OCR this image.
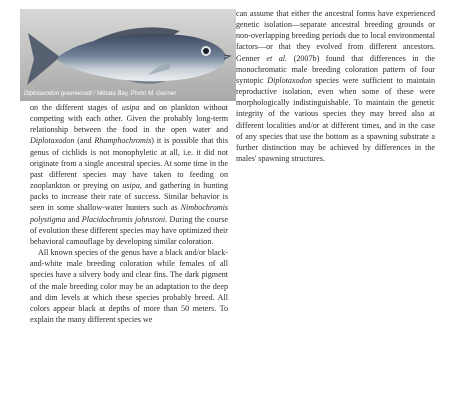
Diplotaxodon greenwoodi / Nkhata Bay, Photo M. Genner

on the different stages of usipa and on plankton without competing with each other. Given the probably long-term relationship between the food in the open water and Diplotaxodon (and Rhamphochromis) it is possible that this genus of cichlids is not monophyletic at all, i.e. it did not originate from a single ancestral species. At some time in the past different species may have taken to feeding on zooplankton or preying on usipa, and gathering in hunting packs to increase their rate of success. Similar behavior is seen in some shallow-water hunters such as Nimbochromis polystigma and Placidochromis johnstoni. During the course of evolution these different species may have optimized their behavioral camouflage by developing similar coloration.

All known species of the genus have a black and/or black-and-white male breeding coloration while females of all species have a silvery body and clear fins. The dark pigment of the male breeding color may be an adaptation to the deep and dim levels at which these species probably breed. All colors appear black at depths of more than 50 meters. To explain the many different species we

can assume that either the ancestral forms have experienced genetic isolation—separate ancestral breeding grounds or non-overlapping breeding periods due to local environmental factors—or that they evolved from different ancestors. Genner et al. (2007b) found that differences in the monochromatic male breeding coloration pattern of four syntopic Diplotaxodon species were sufficient to maintain reproductive isolation, even when some of these were morphologically indistinguishable. To maintain the genetic integrity of the various species they may breed also at different localities and/or at different times, and in the case of any species that use the bottom as a spawning substrate a further distinction may be achieved by differences in the males' spawning structures.
